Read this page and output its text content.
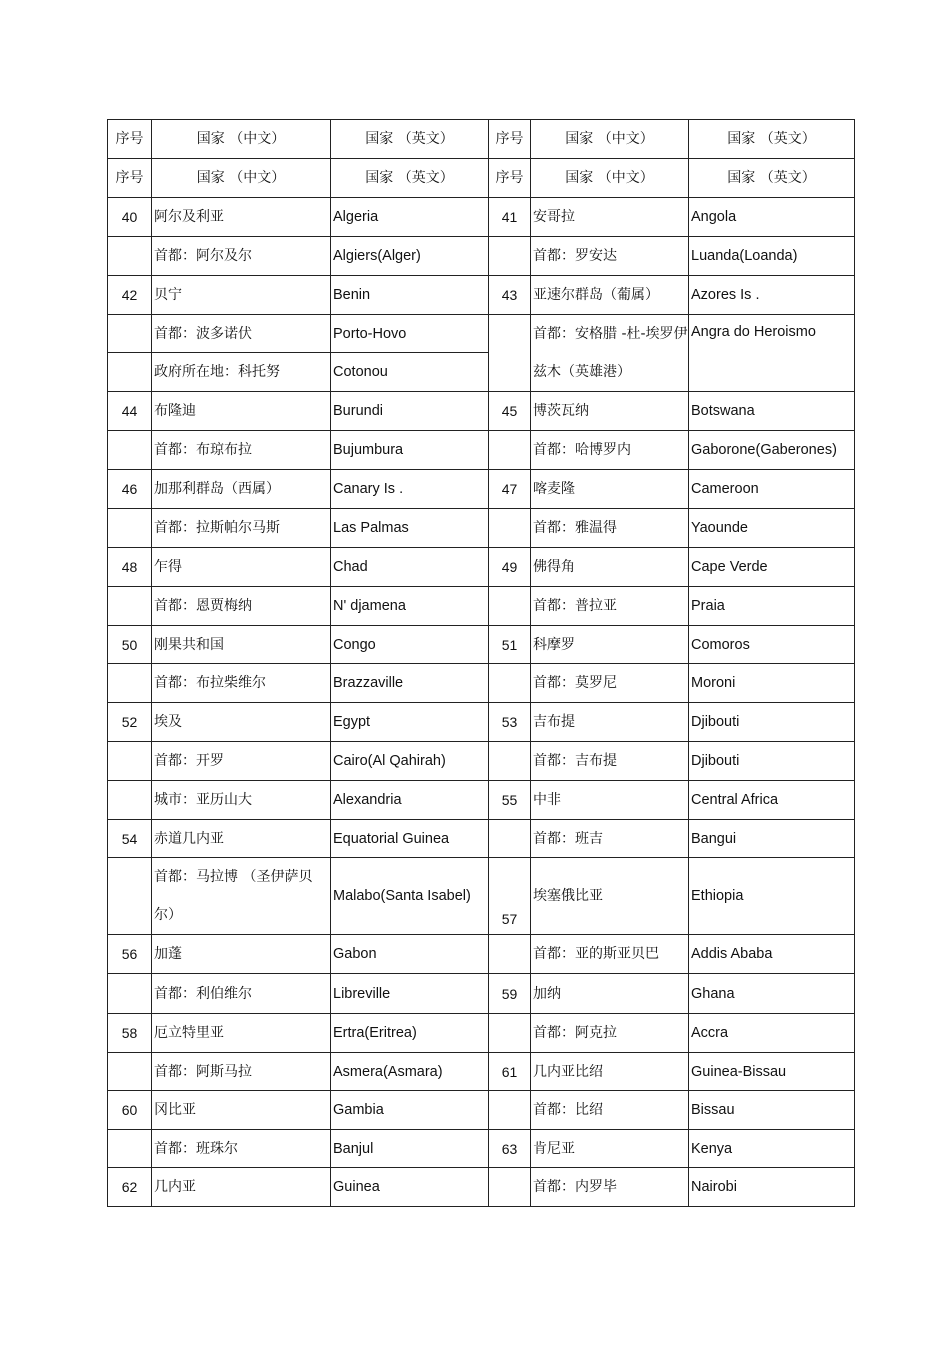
序号	国家 （中文）	国家 （英文）	序号	国家 （中文）	国家 （英文）
序号	国家 （中文）	国家 （英文）	序号	国家 （中文）	国家 （英文）
40	阿尔及利亚	Algeria	41	安哥拉	Angola
	首都：阿尔及尔	Algiers(Alger)		首都：罗安达	Luanda(Loanda)
42	贝宁	Benin	43	亚速尔群岛（葡属）	Azores Is .
	首都：波多诺伏	Porto-Hovo		首都：安格腊 -杜-埃罗伊兹木（英雄港）	Angra do Heroismo
	政府所在地：科托努	Cotonou			
44	布隆迪	Burundi	45	博茨瓦纳	Botswana
	首都：布琼布拉	Bujumbura		首都：哈博罗内	Gaborone(Gaberones)
46	加那利群岛（西属）	Canary Is .	47	喀麦隆	Cameroon
	首都：拉斯帕尔马斯	Las Palmas		首都：雅温得	Yaounde
48	乍得	Chad	49	佛得角	Cape Verde
	首都：恩贾梅纳	N' djamena		首都：普拉亚	Praia
50	刚果共和国	Congo	51	科摩罗	Comoros
	首都：布拉柴维尔	Brazzaville		首都：莫罗尼	Moroni
52	埃及	Egypt	53	吉布提	Djibouti
	首都：开罗	Cairo(Al Qahirah)		首都：吉布提	Djibouti
	城市：亚历山大	Alexandria	55	中非	Central Africa
54	赤道几内亚	Equatorial Guinea		首都：班吉	Bangui
	首都：马拉博 （圣伊萨贝尔）	Malabo(Santa Isabel)	57	埃塞俄比亚	Ethiopia
56	加蓬	Gabon		首都：亚的斯亚贝巴	Addis Ababa
	首都：利伯维尔	Libreville	59	加纳	Ghana
58	厄立特里亚	Ertra(Eritrea)		首都：阿克拉	Accra
	首都：阿斯马拉	Asmera(Asmara)	61	几内亚比绍	Guinea-Bissau
60	冈比亚	Gambia		首都：比绍	Bissau
	首都：班珠尔	Banjul	63	肯尼亚	Kenya
62	几内亚	Guinea		首都：内罗毕	Nairobi
